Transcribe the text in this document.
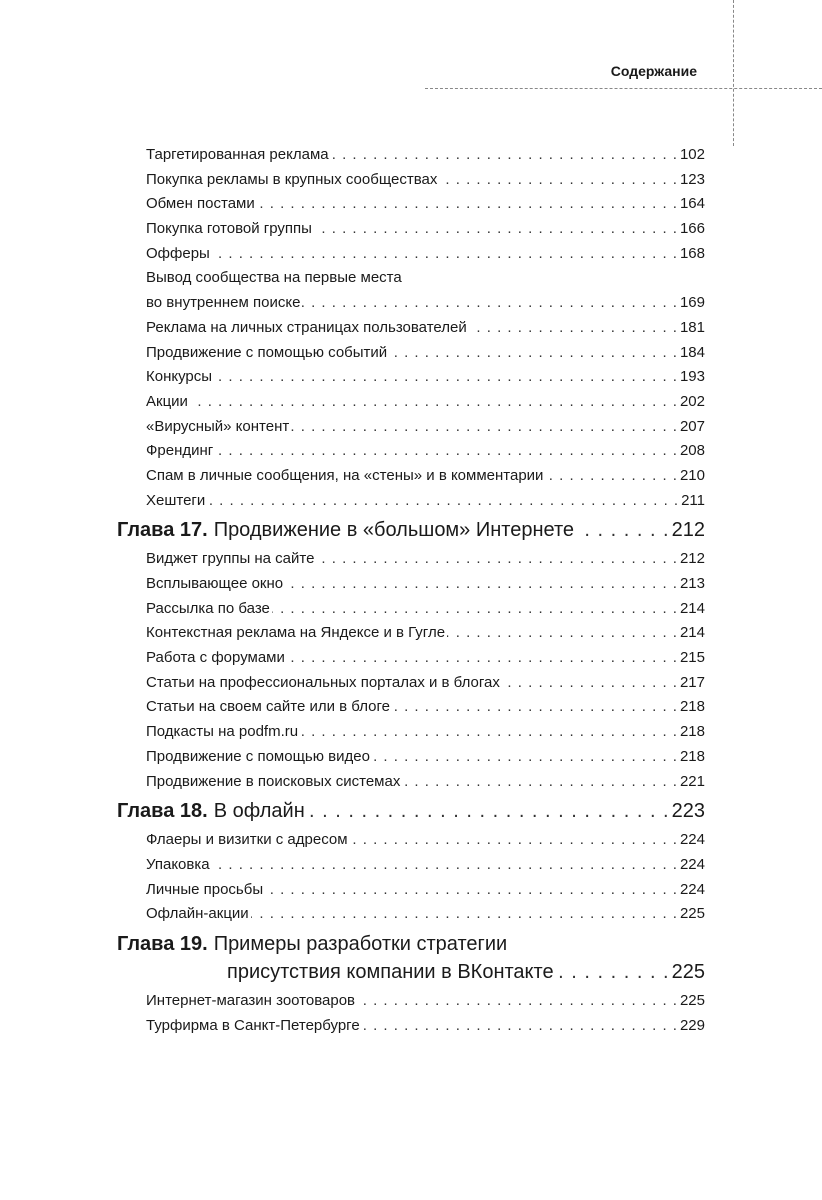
Содержание
Таргетированная реклама . . .	102
Покупка рекламы в крупных сообществах . . .	123
Обмен постами . . .	164
Покупка готовой группы . . .	166
Офферы . . .	168
Вывод сообщества на первые места
во внутреннем поиске . . .	169
Реклама на личных страницах пользователей . . .	181
Продвижение с помощью событий . . .	184
Конкурсы . . .	193
Акции . . .	202
«Вирусный» контент . . .	207
Френдинг . . .	208
Спам в личные сообщения, на «стены» и в комментарии . . .	210
Хештеги . . .	211
Глава 17. Продвижение в «большом» Интернете . . .	212
Виджет группы на сайте . . .	212
Всплывающее окно . . .	213
Рассылка по базе . . .	214
Контекстная реклама на Яндексе и в Гугле . . .	214
Работа с форумами . . .	215
Статьи на профессиональных порталах и в блогах . . .	217
Статьи на своем сайте или в блоге . . .	218
Подкасты на podfm.ru . . .	218
Продвижение с помощью видео . . .	218
Продвижение в поисковых системах . . .	221
Глава 18. В офлайн . . .	223
Флаеры и визитки с адресом . . .	224
Упаковка . . .	224
Личные просьбы . . .	224
Офлайн-акции . . .	225
Глава 19. Примеры разработки стратегии
присутствия компании в ВКонтакте . . .	225
Интернет-магазин зоотоваров . . .	225
Турфирма в Санкт-Петербурге . . .	229
